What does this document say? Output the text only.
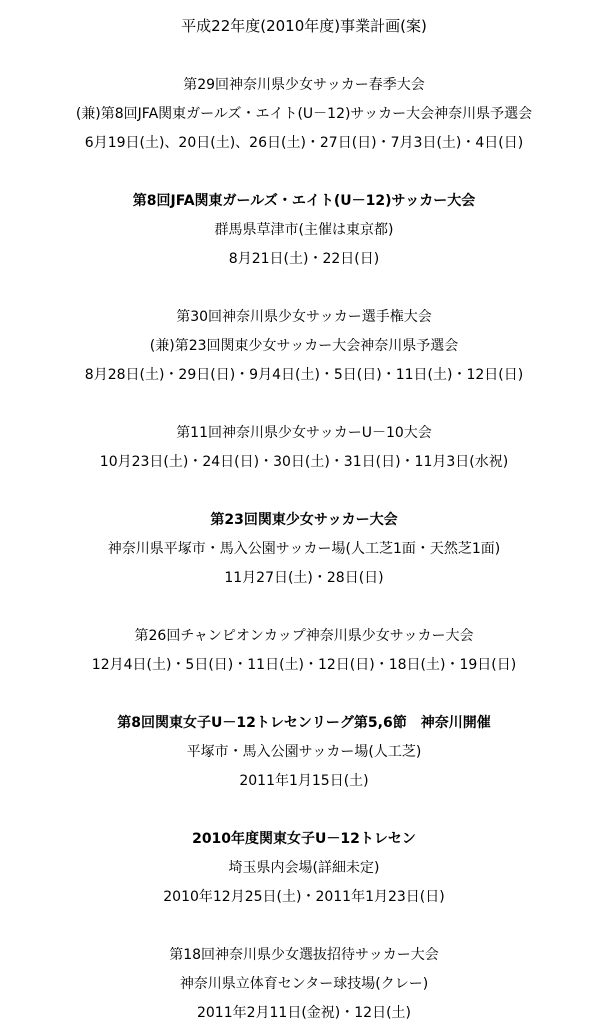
平成22年度(2010年度)事業計画(案)
第29回神奈川県少女サッカー春季大会
(兼)第8回JFA関東ガールズ・エイト(U－12)サッカー大会神奈川県予選会
6月19日(土)、20日(土)、26日(土)・27日(日)・7月3日(土)・4日(日)
第8回JFA関東ガールズ・エイト(U－12)サッカー大会
群馬県草津市(主催は東京都)
8月21日(土)・22日(日)
第30回神奈川県少女サッカー選手権大会
(兼)第23回関東少女サッカー大会神奈川県予選会
8月28日(土)・29日(日)・9月4日(土)・5日(日)・11日(土)・12日(日)
第11回神奈川県少女サッカーU－10大会
10月23日(土)・24日(日)・30日(土)・31日(日)・11月3日(水祝)
第23回関東少女サッカー大会
神奈川県平塚市・馬入公園サッカー場(人工芝1面・天然芝1面)
11月27日(土)・28日(日)
第26回チャンピオンカップ神奈川県少女サッカー大会
12月4日(土)・5日(日)・11日(土)・12日(日)・18日(土)・19日(日)
第8回関東女子U－12トレセンリーグ第5,6節　神奈川開催
平塚市・馬入公園サッカー場(人工芝)
2011年1月15日(土)
2010年度関東女子U－12トレセン
埼玉県内会場(詳細未定)
2010年12月25日(土)・2011年1月23日(日)
第18回神奈川県少女選抜招待サッカー大会
神奈川県立体育センター球技場(クレー)
2011年2月11日(金祝)・12日(土)
